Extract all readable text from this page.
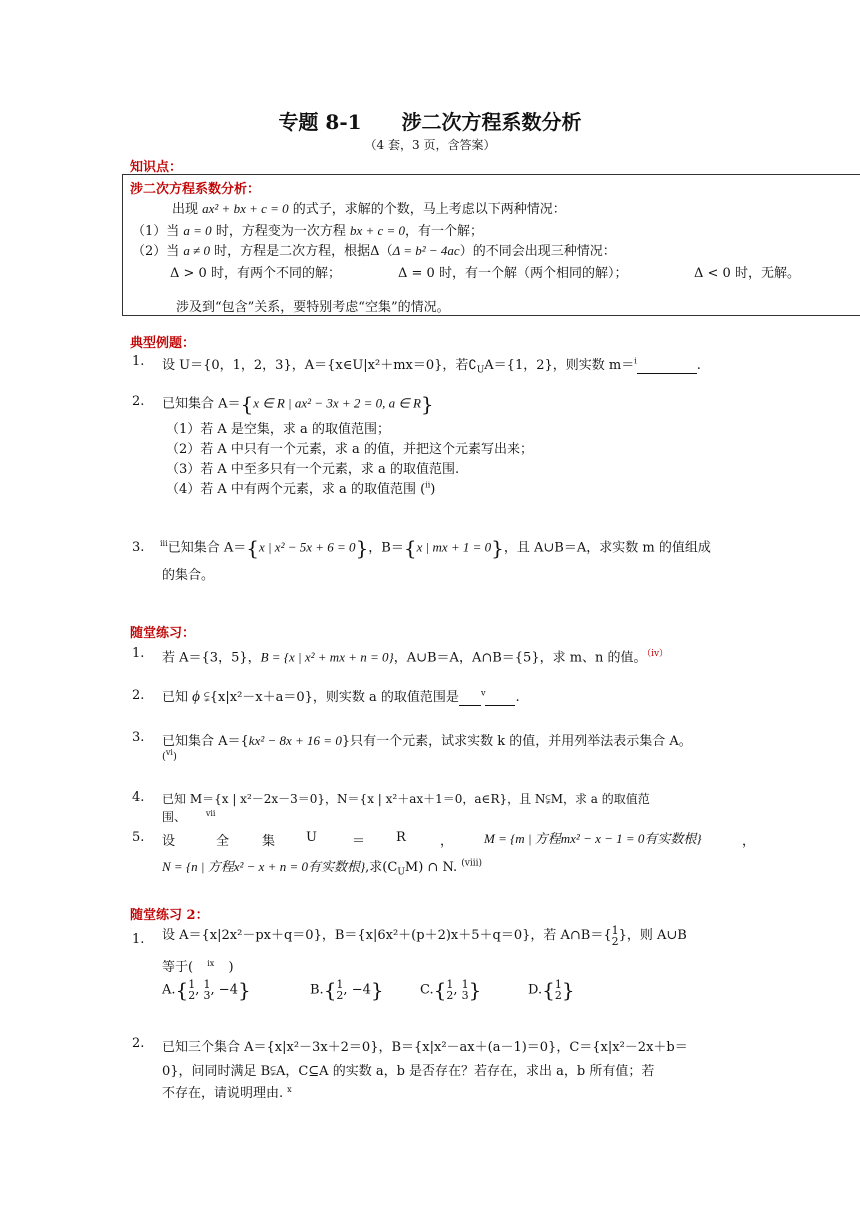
专题 8-1　　涉二次方程系数分析
（4 套，3 页，含答案）
知识点：
涉二次方程系数分析：
出现 ax² + bx + c = 0 的式子，求解的个数，马上考虑以下两种情况：
（1）当 a = 0 时，方程变为一次方程 bx + c = 0，有一个解；
（2）当 a ≠ 0 时，方程是二次方程，根据Δ（Δ = b² − 4ac）的不同会出现三种情况：
Δ > 0 时，有两个不同的解；	Δ = 0 时，有一个解（两个相同的解）；	Δ < 0 时，无解。
涉及到“包含”关系，要特别考虑“空集”的情况。
典型例题：
1. 设 U＝{0，1，2，3}，A＝{x∈U|x²＋mx＝0}，若$∁_UA=\{1$，2}，则实数 m＝$^i$	.
2. 已知集合 A＝{x ∈ R | ax² − 3x + 2 = 0, a ∈ R}
（1）若 A 是空集，求 a 的取值范围；
（2）若 A 中只有一个元素，求 a 的值，并把这个元素写出来；
（3）若 A 中至多只有一个元素，求 a 的取值范围.
（4）若 A 中有两个元素，求 a 的取值范围 ($^{ii}$)
3. $^{iii}$已知集合 A＝{x | x² − 5x + 6 = 0}，B＝{x | mx + 1 = 0}，且 A∪B＝A，求实数 m 的值组成
的集合。
随堂练习：
1. 若 A＝{3，5}，B = {x | x² + mx + n = 0}，A∪B＝A，A∩B＝{5}，求 m、n 的值。$^{(iv)}$
2. 已知 ϕ ⫋{x|x²－x＋a＝0}，则实数 a 的取值范围是	$^v$ .
3. 已知集合 A＝{kx² − 8x + 16 = 0}只有一个元素，试求实数 k 的值，并用列举法表示集合 A。
($^{vi}$)
4. 已知 M＝{x | x²－2x－3＝0}，N＝{x | x²＋ax＋1＝0，a∈R}，且 N⫋M，求 a 的取值范
围、 $^{vii}$
5. 设	全	集 U	＝ R	， M = {m | 方程mx² − x − 1 = 0有实数根}	，
N = {n | 方程x² − x + n = 0有实数根},求$(C_UM)$ ∩ N. $^{(viii)}$
随堂练习 2：
1. 设 A＝{x|2x²－px＋q＝0}，B＝{x|6x²＋(p＋2)x＋5＋q＝0}，若 A∩B＝{ 1
2 }，则 A∪B
等于( $^{ix}$ )
A.{ 1
2 , 1
3 , −4}	B.{ 1
2 , −4}	C.{ 1
2 , 1
3 }	D.{ 1
2 }
2. 已知三个集合 A＝{x|x²－3x＋2＝0}，B＝{x|x²－ax＋(a－1)＝0}，C＝{x|x²－2x＋b＝
0}，问同时满足 B⫋A，C⊆A 的实数 a，b 是否存在？若存在，求出 a，b 所有值；若
不存在，请说明理由. $^x$
